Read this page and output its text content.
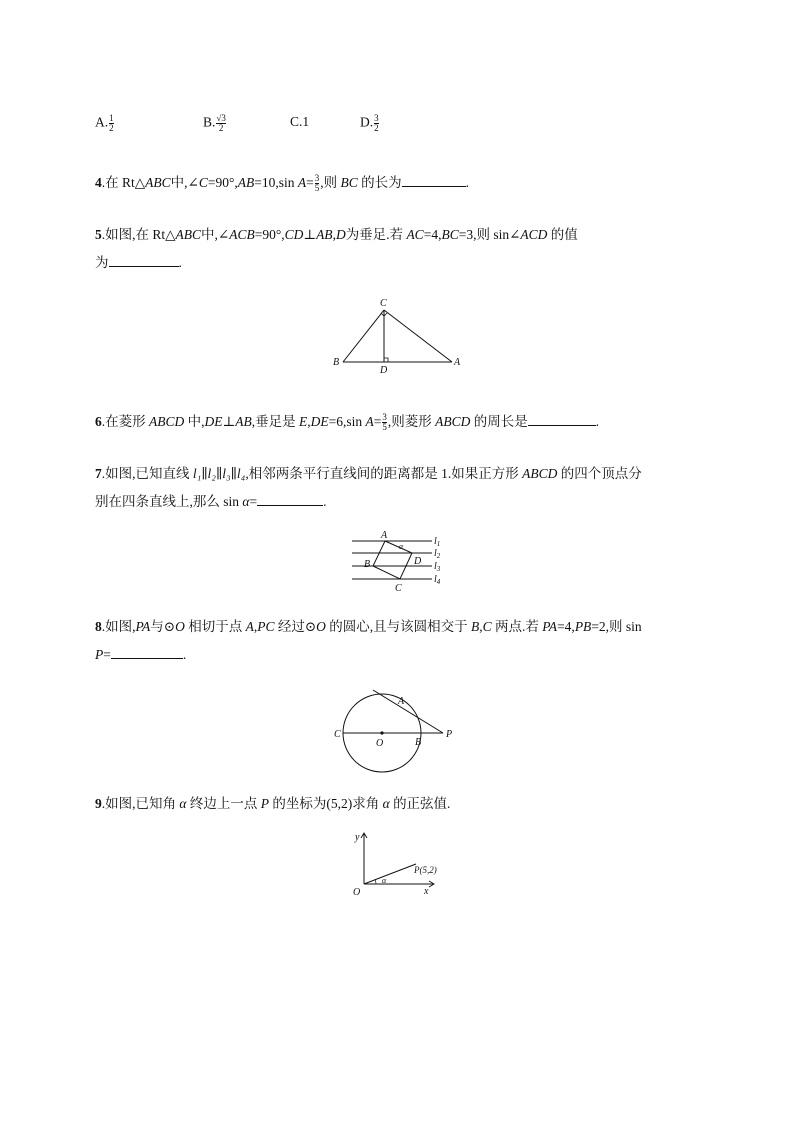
A. $\frac{1}{2}$	B. $\frac{√3}{2}$	C.1	D. $\frac{3}{2}$
4.在 Rt△ABC中,∠C=90°,AB=10,sin $A= \frac{3}{5}$ ,则 BC 的长为	.
5.如图,在 Rt△ABC中,∠ACB=90°,CD⊥AB,D为垂足.若 AC=4,BC=3,则 sin∠ACD 的值
为	.
C
B
D
A
6.在菱形 ABCD 中,DE⊥AB,垂足是 E,DE=6,sin $A= \frac{3}{5}$ ,则菱形 ABCD 的周长是	.
7.如图,已知直线 l₁∥l₂∥l₃∥l₄,相邻两条平行直线间的距离都是 1.如果正方形 ABCD 的四个顶点分
别在四条直线上,那么 sin α=	.
A
α
B	D
C
$l_1$
$l_2$
$l_3$
$l_4$
8.如图,PA与⊙O 相切于点 A,PC 经过⊙O 的圆心,且与该圆相交于 B,C 两点.若 PA=4,PB=2,则 sin
P=	.
A
C
O	B
P
9.如图,已知角 α 终边上一点 P 的坐标为(5,2)求角 α 的正弦值.
y
x
O
α
P(5,2)
